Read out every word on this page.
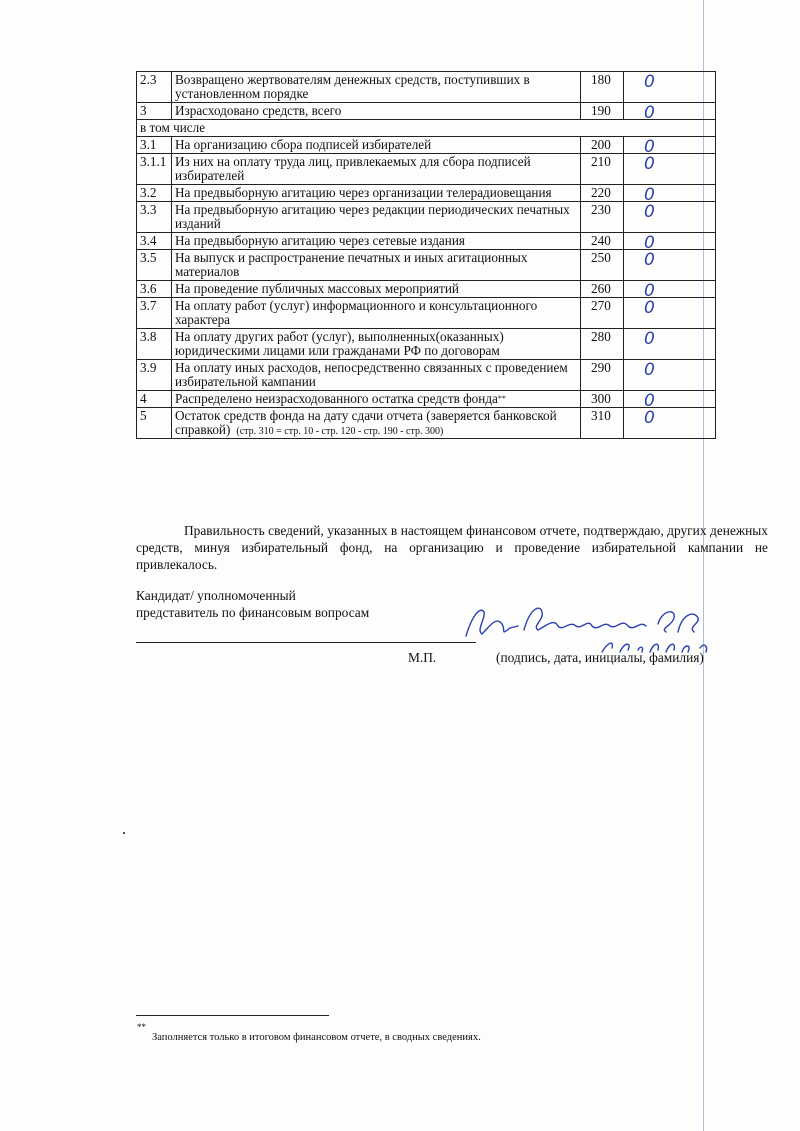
2.3	Возвращено жертвователям денежных средств, поступивших в установленном порядке	180	0

3	Израсходовано средств, всего	190	0

в том числе			
3.1	На организацию сбора подписей избирателей	200	0

3.1.1	Из них на оплату труда лиц, привлекаемых для сбора подписей избирателей	210	0

3.2	На предвыборную агитацию через организации телерадиовещания	220	0

3.3	На предвыборную агитацию через редакции периодических печатных изданий	230	0

3.4	На предвыборную агитацию через сетевые издания	240	0

3.5	На выпуск и распространение печатных и иных агитационных материалов	250	0

3.6	На проведение публичных массовых мероприятий	260	0

3.7	На оплату работ (услуг) информационного и консультационного характера	270	0

3.8	На оплату других работ (услуг), выполненных(оказанных) юридическими лицами или гражданами РФ по договорам	280	0

3.9	На оплату иных расходов, непосредственно связанных с проведением избирательной кампании	290	0

4	Распределено неизрасходованного остатка средств фонда**	300	0

5	Остаток средств фонда на дату сдачи отчета (заверяется банковской справкой) (стр. 310 = стр. 10 - стр. 120 - стр. 190 - стр. 300)	310	0
Правильность сведений, указанных в настоящем финансовом отчете, подтверждаю, других денежных средств, минуя избирательный фонд, на организацию и проведение избирательной кампании не привлекалось.
Кандидат/ уполномоченный
представитель по финансовым вопросам
М.П.	(подпись, дата, инициалы, фамилия)
**
Заполняется только в итоговом финансовом отчете, в сводных сведениях.
